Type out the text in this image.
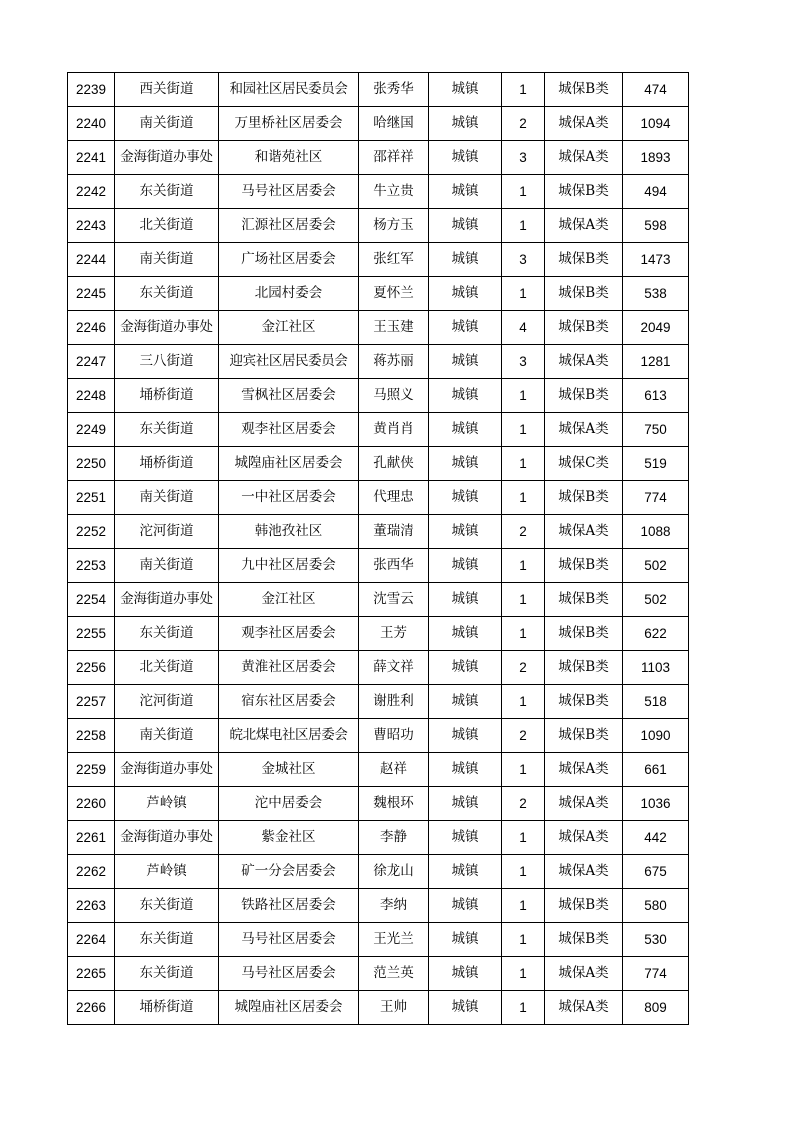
2239	西关街道	和园社区居民委员会	张秀华	城镇	1	城保B类	474
2240	南关街道	万里桥社区居委会	哈继国	城镇	2	城保A类	1094
2241	金海街道办事处	和谐苑社区	邵祥祥	城镇	3	城保A类	1893
2242	东关街道	马号社区居委会	牛立贵	城镇	1	城保B类	494
2243	北关街道	汇源社区居委会	杨方玉	城镇	1	城保A类	598
2244	南关街道	广场社区居委会	张红军	城镇	3	城保B类	1473
2245	东关街道	北园村委会	夏怀兰	城镇	1	城保B类	538
2246	金海街道办事处	金江社区	王玉建	城镇	4	城保B类	2049
2247	三八街道	迎宾社区居民委员会	蒋苏丽	城镇	3	城保A类	1281
2248	埇桥街道	雪枫社区居委会	马照义	城镇	1	城保B类	613
2249	东关街道	观李社区居委会	黄肖肖	城镇	1	城保A类	750
2250	埇桥街道	城隍庙社区居委会	孔献侠	城镇	1	城保C类	519
2251	南关街道	一中社区居委会	代理忠	城镇	1	城保B类	774
2252	沱河街道	韩池孜社区	董瑞清	城镇	2	城保A类	1088
2253	南关街道	九中社区居委会	张西华	城镇	1	城保B类	502
2254	金海街道办事处	金江社区	沈雪云	城镇	1	城保B类	502
2255	东关街道	观李社区居委会	王芳	城镇	1	城保B类	622
2256	北关街道	黄淮社区居委会	薛文祥	城镇	2	城保B类	1103
2257	沱河街道	宿东社区居委会	谢胜利	城镇	1	城保B类	518
2258	南关街道	皖北煤电社区居委会	曹昭功	城镇	2	城保B类	1090
2259	金海街道办事处	金城社区	赵祥	城镇	1	城保A类	661
2260	芦岭镇	沱中居委会	魏根环	城镇	2	城保A类	1036
2261	金海街道办事处	紫金社区	李静	城镇	1	城保A类	442
2262	芦岭镇	矿一分会居委会	徐龙山	城镇	1	城保A类	675
2263	东关街道	铁路社区居委会	李纳	城镇	1	城保B类	580
2264	东关街道	马号社区居委会	王光兰	城镇	1	城保B类	530
2265	东关街道	马号社区居委会	范兰英	城镇	1	城保A类	774
2266	埇桥街道	城隍庙社区居委会	王帅	城镇	1	城保A类	809
